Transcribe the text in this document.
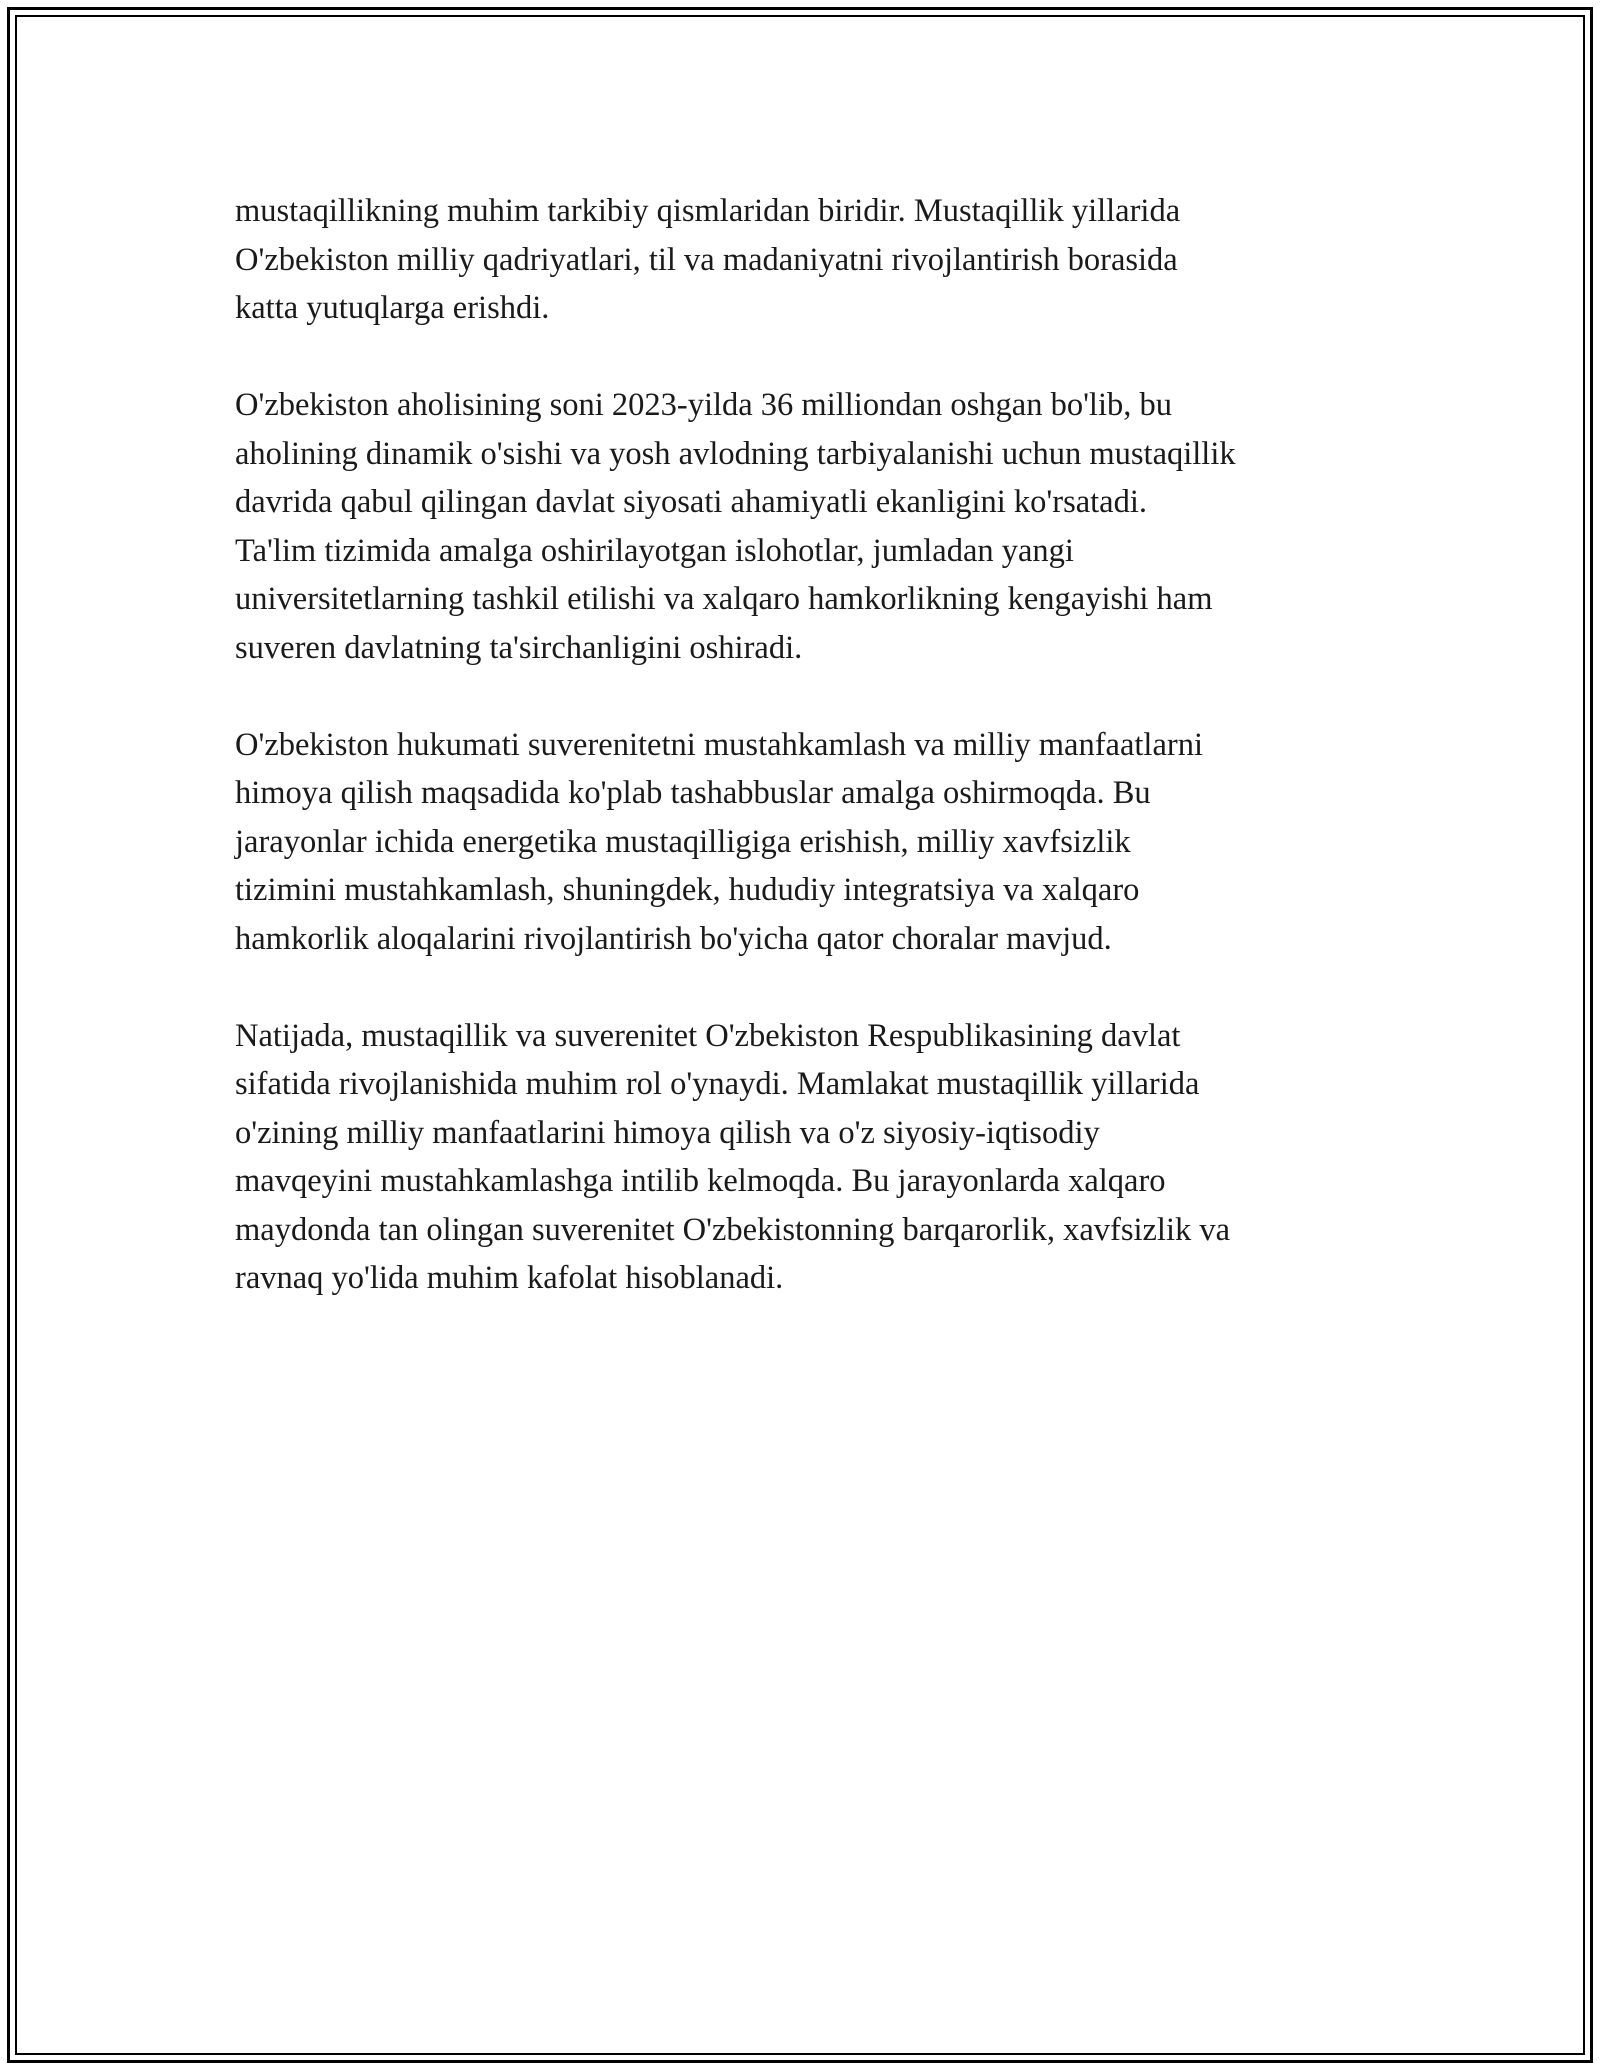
mustaqillikning muhim tarkibiy qismlaridan biridir. Mustaqillik yillarida
O'zbekiston milliy qadriyatlari, til va madaniyatni rivojlantirish borasida
katta yutuqlarga erishdi.

O'zbekiston aholisining soni 2023-yilda 36 milliondan oshgan bo'lib, bu
aholining dinamik o'sishi va yosh avlodning tarbiyalanishi uchun mustaqillik
davrida qabul qilingan davlat siyosati ahamiyatli ekanligini ko'rsatadi.
Ta'lim tizimida amalga oshirilayotgan islohotlar, jumladan yangi
universitetlarning tashkil etilishi va xalqaro hamkorlikning kengayishi ham
suveren davlatning ta'sirchanligini oshiradi.

O'zbekiston hukumati suverenitetni mustahkamlash va milliy manfaatlarni
himoya qilish maqsadida ko'plab tashabbuslar amalga oshirmoqda. Bu
jarayonlar ichida energetika mustaqilligiga erishish, milliy xavfsizlik
tizimini mustahkamlash, shuningdek, hududiy integratsiya va xalqaro
hamkorlik aloqalarini rivojlantirish bo'yicha qator choralar mavjud.

Natijada, mustaqillik va suverenitet O'zbekiston Respublikasining davlat
sifatida rivojlanishida muhim rol o'ynaydi. Mamlakat mustaqillik yillarida
o'zining milliy manfaatlarini himoya qilish va o'z siyosiy-iqtisodiy
mavqeyini mustahkamlashga intilib kelmoqda. Bu jarayonlarda xalqaro
maydonda tan olingan suverenitet O'zbekistonning barqarorlik, xavfsizlik va
ravnaq yo'lida muhim kafolat hisoblanadi.
